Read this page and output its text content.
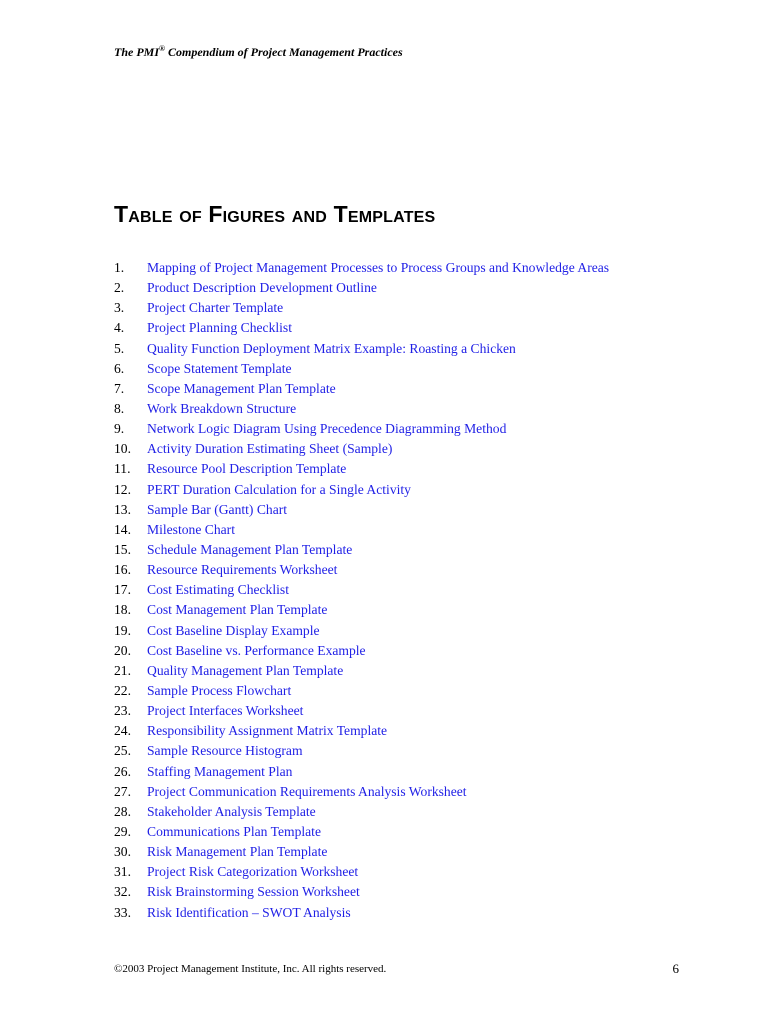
The PMI® Compendium of Project Management Practices
Table of Figures and Templates
1.	Mapping of Project Management Processes to Process Groups and Knowledge Areas
2.	Product Description Development Outline
3.	Project Charter Template
4.	Project Planning Checklist
5.	Quality Function Deployment Matrix Example: Roasting a Chicken
6.	Scope Statement Template
7.	Scope Management Plan Template
8.	Work Breakdown Structure
9.	Network Logic Diagram Using Precedence Diagramming Method
10.	Activity Duration Estimating Sheet (Sample)
11.	Resource Pool Description Template
12.	PERT Duration Calculation for a Single Activity
13.	Sample Bar (Gantt) Chart
14.	Milestone Chart
15.	Schedule Management Plan Template
16.	Resource Requirements Worksheet
17.	Cost Estimating Checklist
18.	Cost Management Plan Template
19.	Cost Baseline Display Example
20.	Cost Baseline vs. Performance Example
21.	Quality Management Plan Template
22.	Sample Process Flowchart
23.	Project Interfaces Worksheet
24.	Responsibility Assignment Matrix Template
25.	Sample Resource Histogram
26.	Staffing Management Plan
27.	Project Communication Requirements Analysis Worksheet
28.	Stakeholder Analysis Template
29.	Communications Plan Template
30.	Risk Management Plan Template
31.	Project Risk Categorization Worksheet
32.	Risk Brainstorming Session Worksheet
33.	Risk Identification – SWOT Analysis
©2003 Project Management Institute, Inc. All rights reserved.	6
